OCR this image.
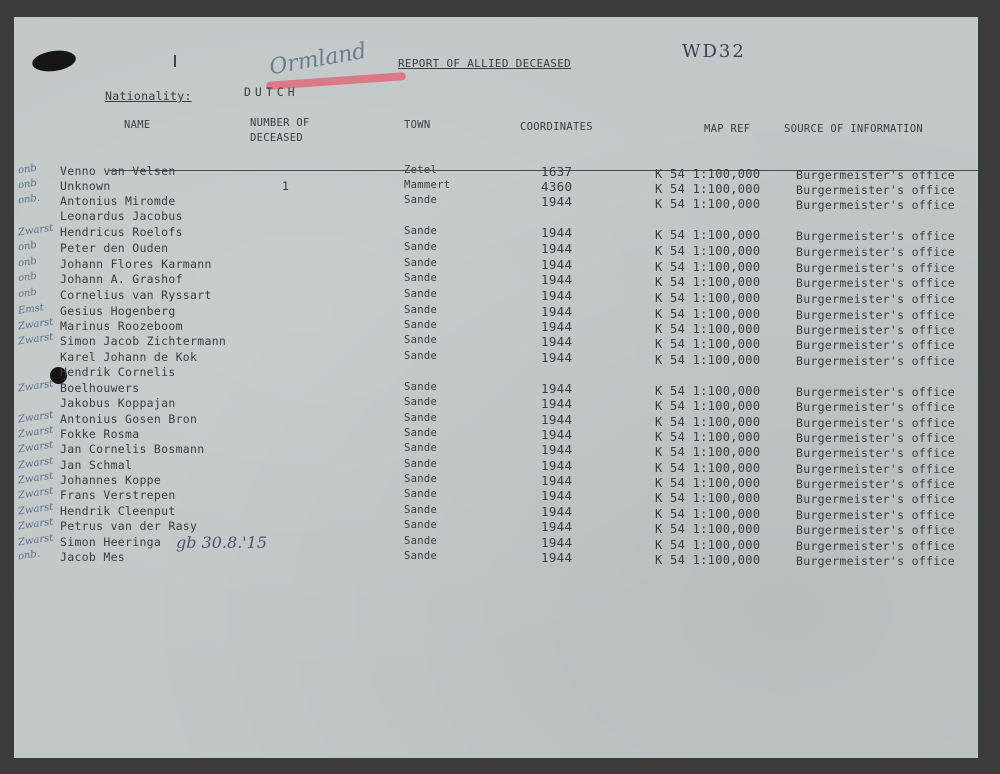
Ormland	REPORT OF ALLIED DECEASED
WD32
Nationality:	DUTCH
NAME	NUMBER OF
DECEASED
TOWN	COORDINATES	MAP REF	SOURCE OF INFORMATION
onb Venno van Velsen	Zetel	1637	K 54 1:100,000	Burgermeister's office
onb Unknown	1	Mammert	4360	K 54 1:100,000	Burgermeister's office
onb. Antonius Miromde	Sande	1944	K 54 1:100,000	Burgermeister's office
Leonardus Jacobus
Zwarst Hendricus Roelofs	Sande	1944	K 54 1:100,000	Burgermeister's office
onb Peter den Ouden	Sande	1944	K 54 1:100,000	Burgermeister's office
onb Johann Flores Karmann	Sande	1944	K 54 1:100,000	Burgermeister's office
onb Johann A. Grashof	Sande	1944	K 54 1:100,000	Burgermeister's office
onb Cornelius van Ryssart	Sande	1944	K 54 1:100,000	Burgermeister's office
Emst Gesius Hogenberg	Sande	1944	K 54 1:100,000	Burgermeister's office
Zwarst Marinus Roozeboom	Sande	1944	K 54 1:100,000	Burgermeister's office
Zwarst Simon Jacob Zichtermann	Sande	1944	K 54 1:100,000	Burgermeister's office
Karel Johann de Kok	Sande	1944	K 54 1:100,000	Burgermeister's office
Hendrik Cornelis
Zwarst Boelhouwers	Sande	1944	K 54 1:100,000	Burgermeister's office
Jakobus Koppajan	Sande	1944	K 54 1:100,000	Burgermeister's office
Zwarst Antonius Gosen Bron	Sande	1944	K 54 1:100,000	Burgermeister's office
Zwarst Fokke Rosma	Sande	1944	K 54 1:100,000	Burgermeister's office
Zwarst Jan Cornelis Bosmann	Sande	1944	K 54 1:100,000	Burgermeister's office
Zwarst Jan Schmal	Sande	1944	K 54 1:100,000	Burgermeister's office
Zwarst Johannes Koppe	Sande	1944	K 54 1:100,000	Burgermeister's office
Zwarst Frans Verstrepen	Sande	1944	K 54 1:100,000	Burgermeister's office
Zwarst Hendrik Cleenput	Sande	1944	K 54 1:100,000	Burgermeister's office
Zwarst Petrus van der Rasy	Sande	1944	K 54 1:100,000	Burgermeister's office
Zwarst Simon Heeringa	Sande	1944	K 54 1:100,000	Burgermeister's office
onb. Jacob Mes	Sande	1944	K 54 1:100,000	Burgermeister's office
gb 30.8.'15
